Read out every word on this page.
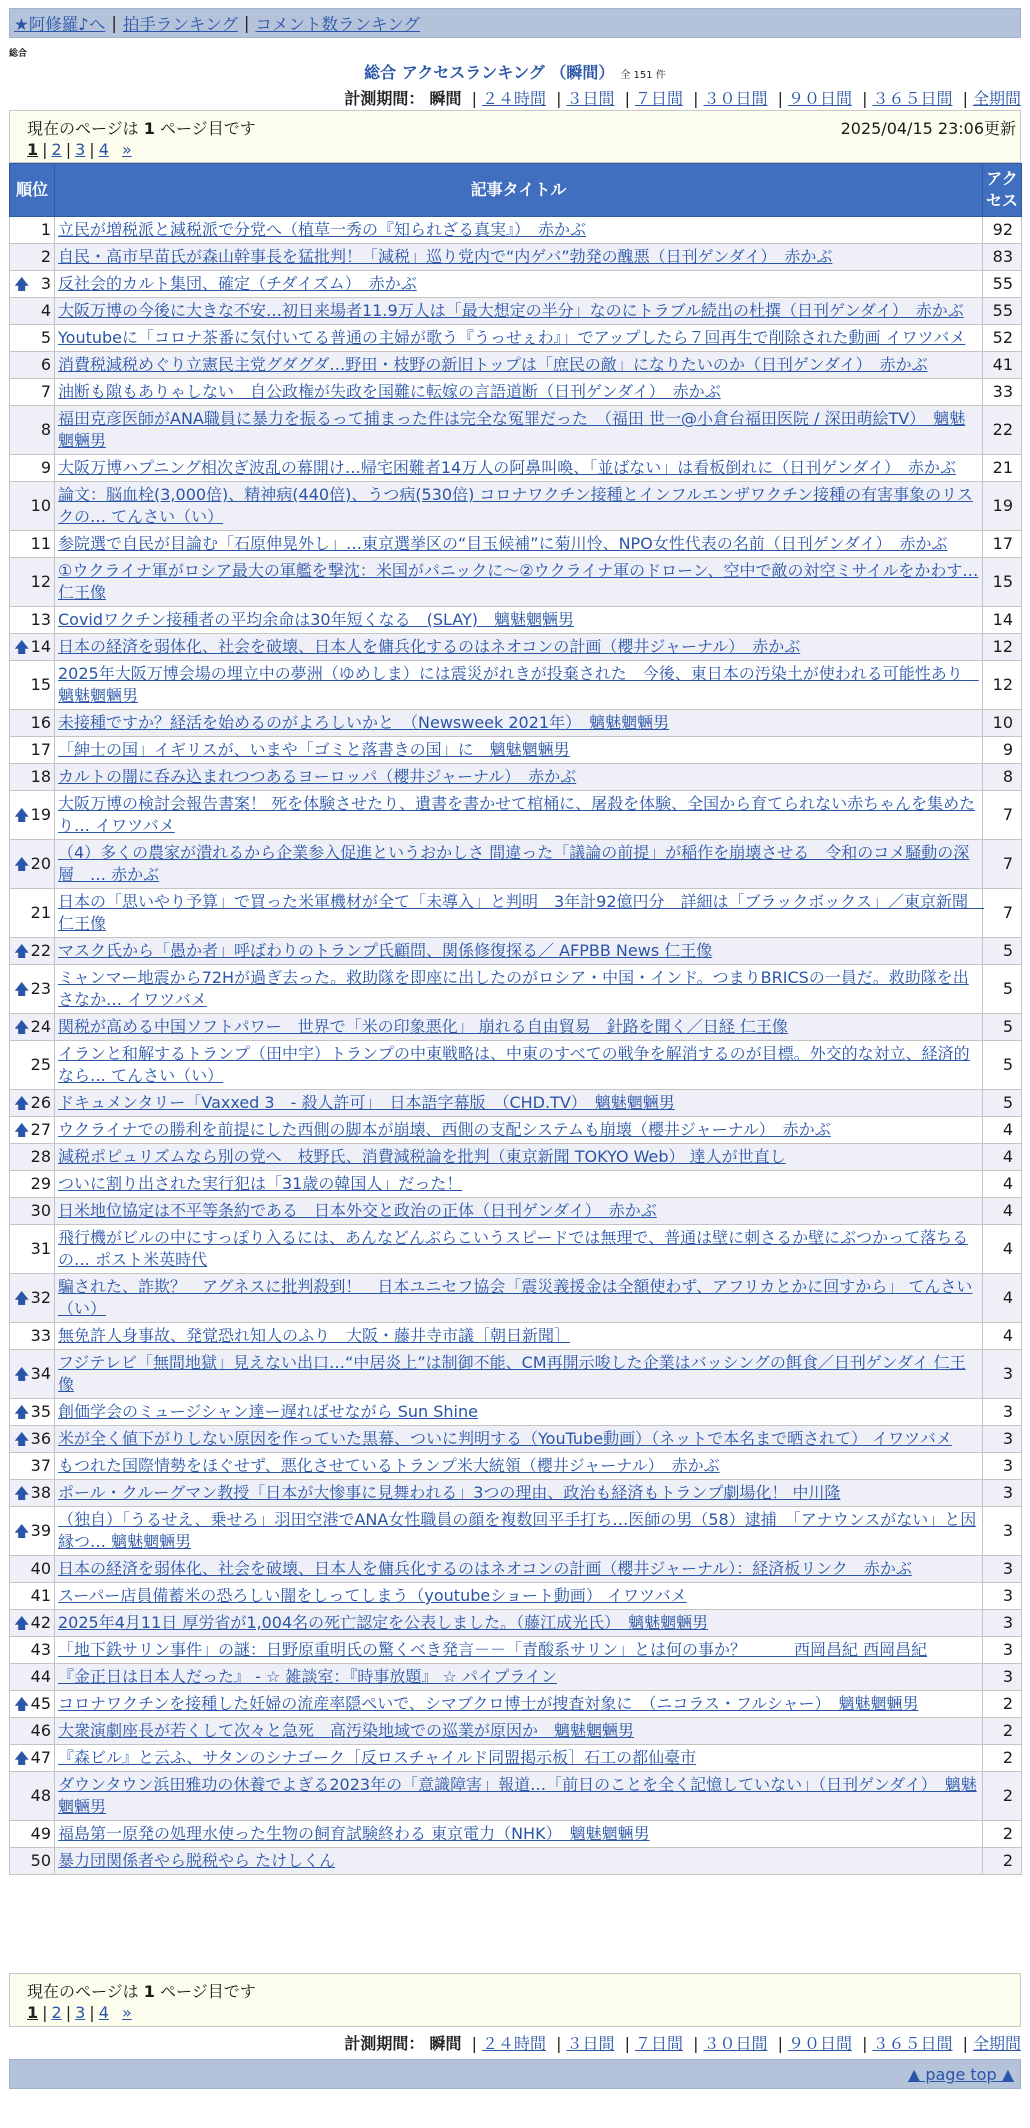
★阿修羅♪へ | 拍手ランキング | コメント数ランキング
総合
総合 アクセスランキング （瞬間） 全 151 件
計測期間： 瞬間 | ２４時間 | ３日間 | ７日間 | ３０日間 | ９０日間 | ３６５日間 | 全期間
現在のページは 1 ページ目です	2025/04/15 23:06更新
1 | 2 | 3 | 4 »
順位	記事タイトル	アクセス
1	立民が増税派と減税派で分党へ（植草一秀の『知られざる真実』）　赤かぶ	92
2	自民・高市早苗氏が森山幹事長を猛批判！「減税」巡り党内で“内ゲバ”勃発の醜悪（日刊ゲンダイ）　赤かぶ	83

🡅 3	反社会的カルト集団、確定（チダイズム）　赤かぶ	55
4	大阪万博の今後に大きな不安…初日来場者11.9万人は「最大想定の半分」なのにトラブル続出の杜撰（日刊ゲンダイ）　赤かぶ	55
5	Youtubeに「コロナ茶番に気付いてる普通の主婦が歌う『うっせぇわ』」でアップしたら７回再生で削除された動画 イワツバメ	52
6	消費税減税めぐり立憲民主党グダグダ…野田・枝野の新旧トップは「庶民の敵」になりたいのか（日刊ゲンダイ）　赤かぶ	41
7	油断も隙もありゃしない　自公政権が失政を国難に転嫁の言語道断（日刊ゲンダイ）　赤かぶ	33
8	福田克彦医師がANA職員に暴力を振るって捕まった件は完全な冤罪だった　（福田 世一@小倉台福田医院 / 深田萌絵TV）　魑魅魍魎男	22
9	大阪万博ハプニング相次ぎ波乱の幕開け…帰宅困難者14万人の阿鼻叫喚、「並ばない」は看板倒れに（日刊ゲンダイ）　赤かぶ	21
10	論文：脳血栓(3,000倍)、精神病(440倍)、うつ病(530倍) コロナワクチン接種とインフルエンザワクチン接種の有害事象のリスクの… てんさい（い）	19
11	参院選で自民が目論む「石原伸晃外し」…東京選挙区の“目玉候補”に菊川怜、NPO女性代表の名前（日刊ゲンダイ）　赤かぶ	17
12	①ウクライナ軍がロシア最大の軍艦を撃沈：米国がパニックに～②ウクライナ軍のドローン、空中で敵の対空ミサイルをかわす… 仁王像	15
13	Covidワクチン接種者の平均余命は30年短くなる　(SLAY)　魑魅魍魎男	14

🡅 14	日本の経済を弱体化、社会を破壊、日本人を傭兵化するのはネオコンの計画（櫻井ジャーナル）　赤かぶ	12
15	2025年大阪万博会場の埋立中の夢洲（ゆめしま）には震災がれきが投棄された　今後、東日本の汚染土が使われる可能性あり　魑魅魍魎男	12
16	未接種ですか？経活を始めるのがよろしいかと　（Newsweek 2021年）　魑魅魍魎男	10
17	「紳士の国」イギリスが、いまや「ゴミと落書きの国」に　魑魅魍魎男	9
18	カルトの闇に呑み込まれつつあるヨーロッパ（櫻井ジャーナル）　赤かぶ	8

🡅 19	大阪万博の検討会報告書案！ 死を体験させたり、遺書を書かせて棺桶に、屠殺を体験、全国から育てられない赤ちゃんを集めたり… イワツバメ	7

🡅 20	（4）多くの農家が潰れるから企業参入促進というおかしさ 間違った「議論の前提」が稲作を崩壊させる　令和のコメ騒動の深層　… 赤かぶ	7
21	日本の「思いやり予算」で買った米軍機材が全て「未導入」と判明　3年計92億円分　詳細は「ブラックボックス」／東京新聞　仁王像	7

🡅 22	マスク氏から「愚か者」呼ばわりのトランプ氏顧問、関係修復探る／ AFPBB News 仁王像	5

🡅 23	ミャンマー地震から72Hが過ぎ去った。救助隊を即座に出したのがロシア・中国・インド。つまりBRICSの一員だ。救助隊を出さなか… イワツバメ	5

🡅 24	関税が高める中国ソフトパワー　世界で「米の印象悪化」 崩れる自由貿易　針路を聞く／日経 仁王像	5
25	イランと和解するトランプ（田中宇）トランプの中東戦略は、中東のすべての戦争を解消するのが目標。外交的な対立、経済的なら… てんさい（い）	5

🡅 26	ドキュメンタリー「Vaxxed 3　- 殺人許可」　日本語字幕版　（CHD.TV）　魑魅魍魎男	5

🡅 27	ウクライナでの勝利を前提にした西側の脚本が崩壊、西側の支配システムも崩壊（櫻井ジャーナル）　赤かぶ	4
28	減税ポピュリズムなら別の党へ　枝野氏、消費減税論を批判（東京新聞 TOKYO Web） 達人が世直し	4
29	ついに割り出された実行犯は「31歳の韓国人」だった！	4
30	日米地位協定は不平等条約である　日本外交と政治の正体（日刊ゲンダイ）　赤かぶ	4
31	飛行機がビルの中にすっぽり入るには、あんなどんぶらこいうスピードでは無理で、普通は壁に刺さるか壁にぶつかって落ちるの… ポスト米英時代	4

🡅 32	騙された、詐欺？　アグネスに批判殺到！　日本ユニセフ協会「震災義援金は全額使わず、アフリカとかに回すから」 てんさい（い）	4
33	無免許人身事故、発覚恐れ知人のふり　大阪・藤井寺市議［朝日新聞］	4

🡅 34	フジテレビ「無間地獄」見えない出口…“中居炎上”は制御不能、CM再開示唆した企業はバッシングの餌食／日刊ゲンダイ 仁王像	3

🡅 35	創価学会のミュージシャン達ー遅ればせながら Sun Shine	3

🡅 36	米が全く値下がりしない原因を作っていた黒幕、ついに判明する（YouTube動画）（ネットで本名まで晒されて） イワツバメ	3
37	もつれた国際情勢をほぐせず、悪化させているトランプ米大統領（櫻井ジャーナル）　赤かぶ	3

🡅 38	ポール・クルーグマン教授「日本が大惨事に見舞われる」3つの理由、政治も経済もトランプ劇場化！ 中川隆	3

🡅 39	（独自）「うるせえ、乗せろ」羽田空港でANA女性職員の顔を複数回平手打ち…医師の男（58）逮捕　「アナウンスがない」と因縁つ… 魑魅魍魎男	3
40	日本の経済を弱体化、社会を破壊、日本人を傭兵化するのはネオコンの計画（櫻井ジャーナル）：経済板リンク　赤かぶ	3
41	スーパー店員備蓄米の恐ろしい闇をしってしまう（youtubeショート動画） イワツバメ	3

🡅 42	2025年4月11日 厚労省が1,004名の死亡認定を公表しました。（藤江成光氏）　魑魅魍魎男	3
43	「地下鉄サリン事件」の謎：日野原重明氏の驚くべき発言－－「青酸系サリン」とは何の事か？　　　西岡昌紀 西岡昌紀	3
44	『金正日は日本人だった』 - ☆ 雑談室：『時事放題』 ☆ パイプライン	3

🡅 45	コロナワクチンを接種した妊婦の流産率隠ぺいで、シマブクロ博士が捜査対象に　（ニコラス・フルシャー）　魑魅魍魎男	2
46	大衆演劇座長が若くして次々と急死　高汚染地域での巡業が原因か　魑魅魍魎男	2

🡅 47	『森ビル』と云ふ、サタンのシナゴーク［反ロスチャイルド同盟掲示板］石工の都仙臺市	2
48	ダウンタウン浜田雅功の休養でよぎる2023年の「意識障害」報道…「前日のことを全く記憶していない」（日刊ゲンダイ）　魑魅魍魎男	2
49	福島第一原発の処理水使った生物の飼育試験終わる 東京電力（NHK）　魑魅魍魎男	2
50	暴力団関係者やら脱税やら たけしくん	2
現在のページは 1 ページ目です
1 | 2 | 3 | 4 »
計測期間： 瞬間 | ２４時間 | ３日間 | ７日間 | ３０日間 | ９０日間 | ３６５日間 | 全期間
▲ page top ▲
